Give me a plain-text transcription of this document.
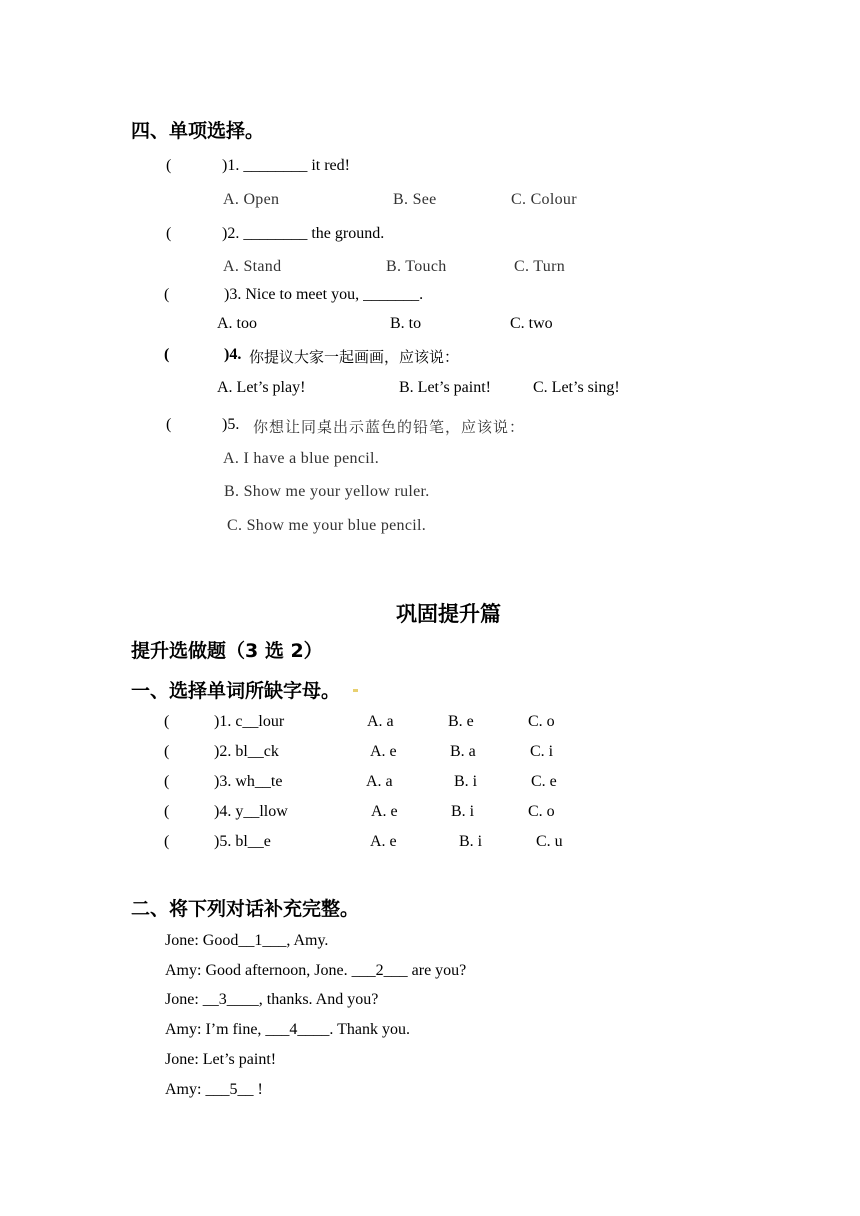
四、单项选择。
(	)1. ________ it red!
A. Open	B. See	C. Colour
(	)2. ________ the ground.
A. Stand	B. Touch	C. Turn
(	)3. Nice to meet you, _______.
A. too	B. to	C. two
(	)4. 你提议大家一起画画，应该说：
A. Let’s play!	B. Let’s paint!	C. Let’s sing!
(	)5. 你想让同桌出示蓝色的铅笔，应该说：
A. I have a blue pencil.
B. Show me your yellow ruler.
C. Show me your blue pencil.
巩固提升篇
提升选做题（3 选 2）
一、选择单词所缺字母。
(	)1. c__lour	A. a	B. e	C. o
(	)2. bl__ck	A. e	B. a	C. i
(	)3. wh__te	A. a	B. i	C. e
(	)4. y__llow	A. e	B. i	C. o
(	)5. bl__e	A. e	B. i	C. u
二、将下列对话补充完整。
Jone: Good__1___, Amy.
Amy: Good afternoon, Jone. ___2___ are you?
Jone: __3____, thanks. And you?
Amy: I’m fine, ___4____. Thank you.
Jone: Let’s paint!
Amy: ___5__ !
